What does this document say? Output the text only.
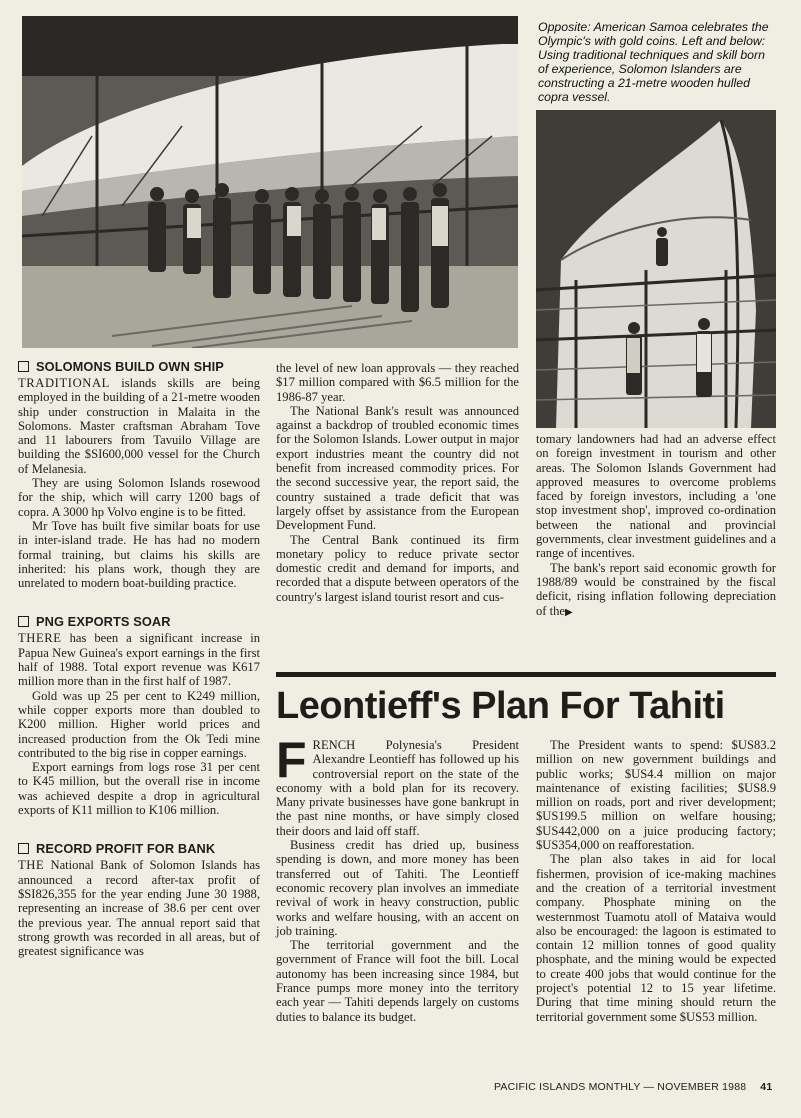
Opposite: American Samoa celebrates the Olympic's with gold coins. Left and below: Using traditional techniques and skill born of experience, Solomon Islanders are constructing a 21-metre wooden hulled copra vessel.

SOLOMONS BUILD OWN SHIP

TRADITIONAL islands skills are being employed in the building of a 21-metre wooden ship under construction in Malaita in the Solomons. Master craftsman Abraham Tove and 11 labourers from Tavuilo Village are building the $SI600,000 vessel for the Church of Melanesia.

They are using Solomon Islands rosewood for the ship, which will carry 1200 bags of copra. A 3000 hp Volvo engine is to be fitted.

Mr Tove has built five similar boats for use in inter-island trade. He has had no modern formal training, but claims his skills are inherited: his plans work, though they are unrelated to modern boat-building practice.

PNG EXPORTS SOAR

THERE has been a significant increase in Papua New Guinea's export earnings in the first half of 1988. Total export revenue was K617 million more than in the first half of 1987.

Gold was up 25 per cent to K249 million, while copper exports more than doubled to K200 million. Higher world prices and increased production from the Ok Tedi mine contributed to the big rise in copper earnings.

Export earnings from logs rose 31 per cent to K45 million, but the overall rise in income was achieved despite a drop in agricultural exports of K11 million to K106 million.

RECORD PROFIT FOR BANK

THE National Bank of Solomon Islands has announced a record after-tax profit of $SI826,355 for the year ending June 30 1988, representing an increase of 38.6 per cent over the previous year. The annual report said that strong growth was recorded in all areas, but of greatest significance was

the level of new loan approvals — they reached $17 million compared with $6.5 million for the 1986-87 year.

The National Bank's result was announced against a backdrop of troubled economic times for the Solomon Islands. Lower output in major export industries meant the country did not benefit from increased commodity prices. For the second successive year, the report said, the country sustained a trade deficit that was largely offset by assistance from the European Development Fund.

The Central Bank continued its firm monetary policy to reduce private sector domestic credit and demand for imports, and recorded that a dispute between operators of the country's largest island tourist resort and cus-

tomary landowners had had an adverse effect on foreign investment in tourism and other areas. The Solomon Islands Government had approved measures to overcome problems faced by foreign investors, including a 'one stop investment shop', improved co-ordination between the national and provincial governments, clear investment guidelines and a range of incentives.

The bank's report said economic growth for 1988/89 would be constrained by the fiscal deficit, rising inflation following depreciation of the▶

Leontieff's Plan For Tahiti

FRENCH Polynesia's President Alexandre Leontieff has followed up his controversial report on the state of the economy with a bold plan for its recovery. Many private businesses have gone bankrupt in the past nine months, or have simply closed their doors and laid off staff.

Business credit has dried up, business spending is down, and more money has been transferred out of Tahiti. The Leontieff economic recovery plan involves an immediate revival of work in heavy construction, public works and welfare housing, with an accent on job training.

The territorial government and the government of France will foot the bill. Local autonomy has been increasing since 1984, but France pumps more money into the territory each year — Tahiti depends largely on customs duties to balance its budget.

The President wants to spend: $US83.2 million on new government buildings and public works; $US4.4 million on major maintenance of existing facilities; $US8.9 million on roads, port and river development; $US199.5 million on welfare housing; $US442,000 on a juice producing factory; $US354,000 on reafforestation.

The plan also takes in aid for local fishermen, provision of ice-making machines and the creation of a territorial investment company. Phosphate mining on the westernmost Tuamotu atoll of Mataiva would also be encouraged: the lagoon is estimated to contain 12 million tonnes of good quality phosphate, and the mining would be expected to create 400 jobs that would continue for the project's potential 12 to 15 year lifetime. During that time mining should return the territorial government some $US53 million.

PACIFIC ISLANDS MONTHLY — NOVEMBER 1988 41
